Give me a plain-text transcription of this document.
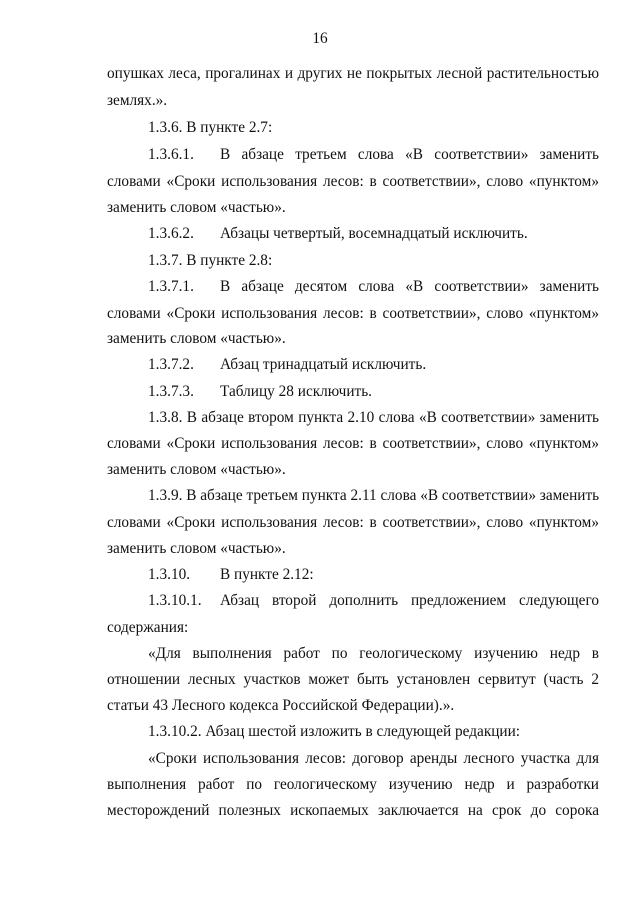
16
опушках леса, прогалинах и других не покрытых лесной растительностью
землях.».
1.3.6. В пункте 2.7:
1.3.6.1. В абзаце третьем слова «В соответствии» заменить
словами «Сроки использования лесов: в соответствии», слово «пунктом»
заменить словом «частью».
1.3.6.2. Абзацы четвертый, восемнадцатый исключить.
1.3.7. В пункте 2.8:
1.3.7.1. В абзаце десятом слова «В соответствии» заменить
словами «Сроки использования лесов: в соответствии», слово «пунктом»
заменить словом «частью».
1.3.7.2. Абзац тринадцатый исключить.
1.3.7.3. Таблицу 28 исключить.
1.3.8. В абзаце втором пункта 2.10 слова «В соответствии» заменить
словами «Сроки использования лесов: в соответствии», слово «пунктом»
заменить словом «частью».
1.3.9. В абзаце третьем пункта 2.11 слова «В соответствии» заменить
словами «Сроки использования лесов: в соответствии», слово «пунктом»
заменить словом «частью».
1.3.10. В пункте 2.12:
1.3.10.1. Абзац второй дополнить предложением следующего
содержания:
«Для выполнения работ по геологическому изучению недр в
отношении лесных участков может быть установлен сервитут (часть 2
статьи 43 Лесного кодекса Российской Федерации).».
1.3.10.2. Абзац шестой изложить в следующей редакции:
«Сроки использования лесов: договор аренды лесного участка для
выполнения работ по геологическому изучению недр и разработки
месторождений полезных ископаемых заключается на срок до сорока
